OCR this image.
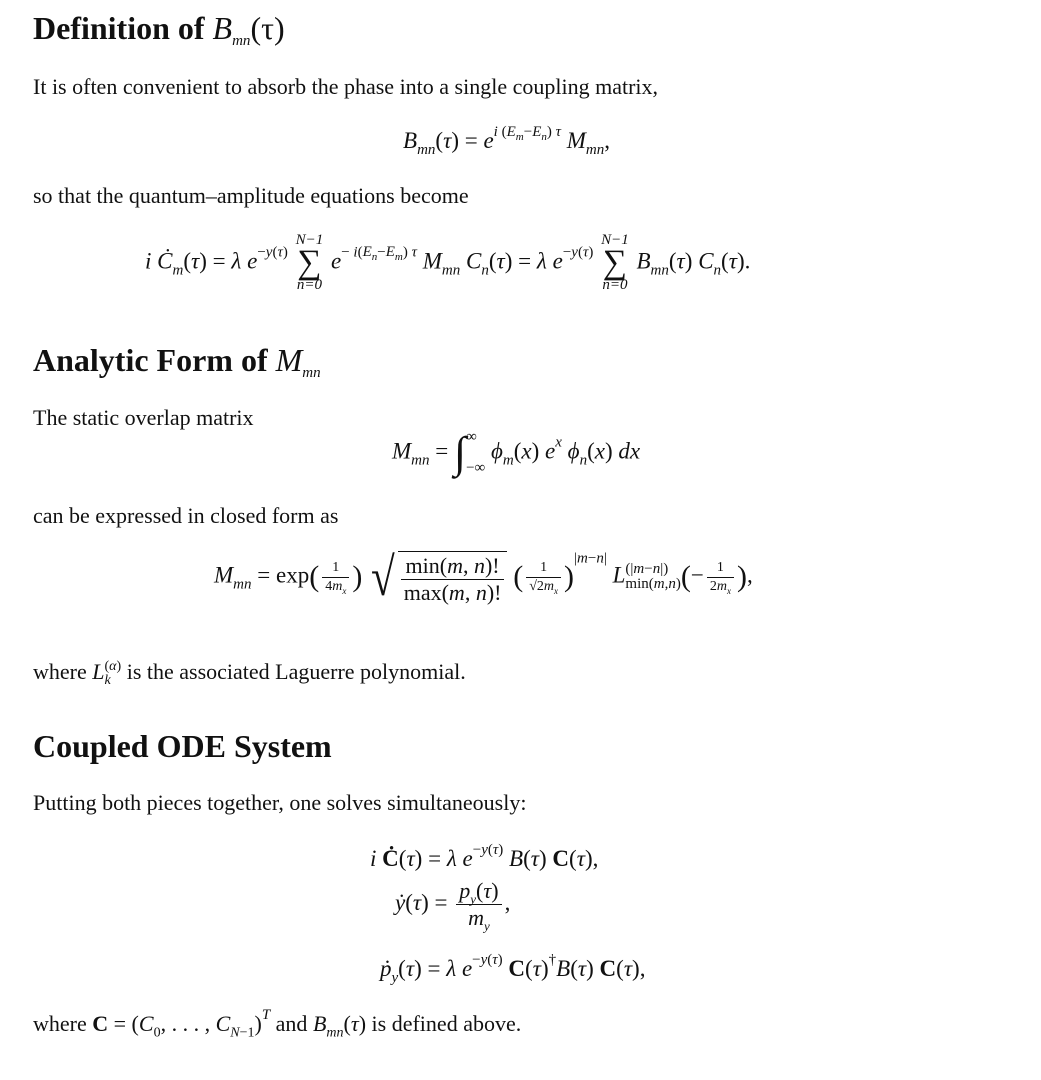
Definition of $B_{mn}(\tau)$
It is often convenient to absorb the phase into a single coupling matrix,
$B_{mn}(\tau) = e^{i (E_m-E_n) \tau}$ $M_{mn}$,
so that the quantum–amplitude equations become
i $Ċ_m(\tau) = \lambda$ $e^{-y(\tau)}$
N−1
∑
n=0
$e^{- i(E_n-E_m) \tau}$ $M_{mn}$ $C_n(\tau) = \lambda$ $e^{-y(\tau)}$
N−1
∑
n=0
$B_{mn}(\tau)$ $C_n(\tau)$.
Analytic Form of $M_{mn}$
The static overlap matrix
$M_{mn}$ = ∫ ∞
−∞
$\phi_m(x)$ $e^x$ $\phi_n(x)$ dx
can be expressed in closed form as
$M_{mn} = \exp( \frac{1}{4m_x}$ ) √ $\frac{\min(m, n)!}{\max(m, n)!}$ ( $\frac{1}{√2m_x} )^{|m-n|}$ L (|m−n|)
min(m,n) (− $\frac{1}{2m_x}$ ),
where L (α)
k is the associated Laguerre polynomial.
Coupled ODE System
Putting both pieces together, one solves simultaneously:
i Ċ(τ) = λ $e^{-y(\tau)}$ B(τ) C(τ),
ẏ(τ) = $\frac{p_y(\tau)}{m_y}$ ,
ṗ$_y$(τ) = λ $e^{-y(\tau)}$ C(τ)†B(τ) C(τ),
where $C = (C_0$, . . . , $C_{N-1})^T$ and $B_{mn}(\tau)$ is defined above.
